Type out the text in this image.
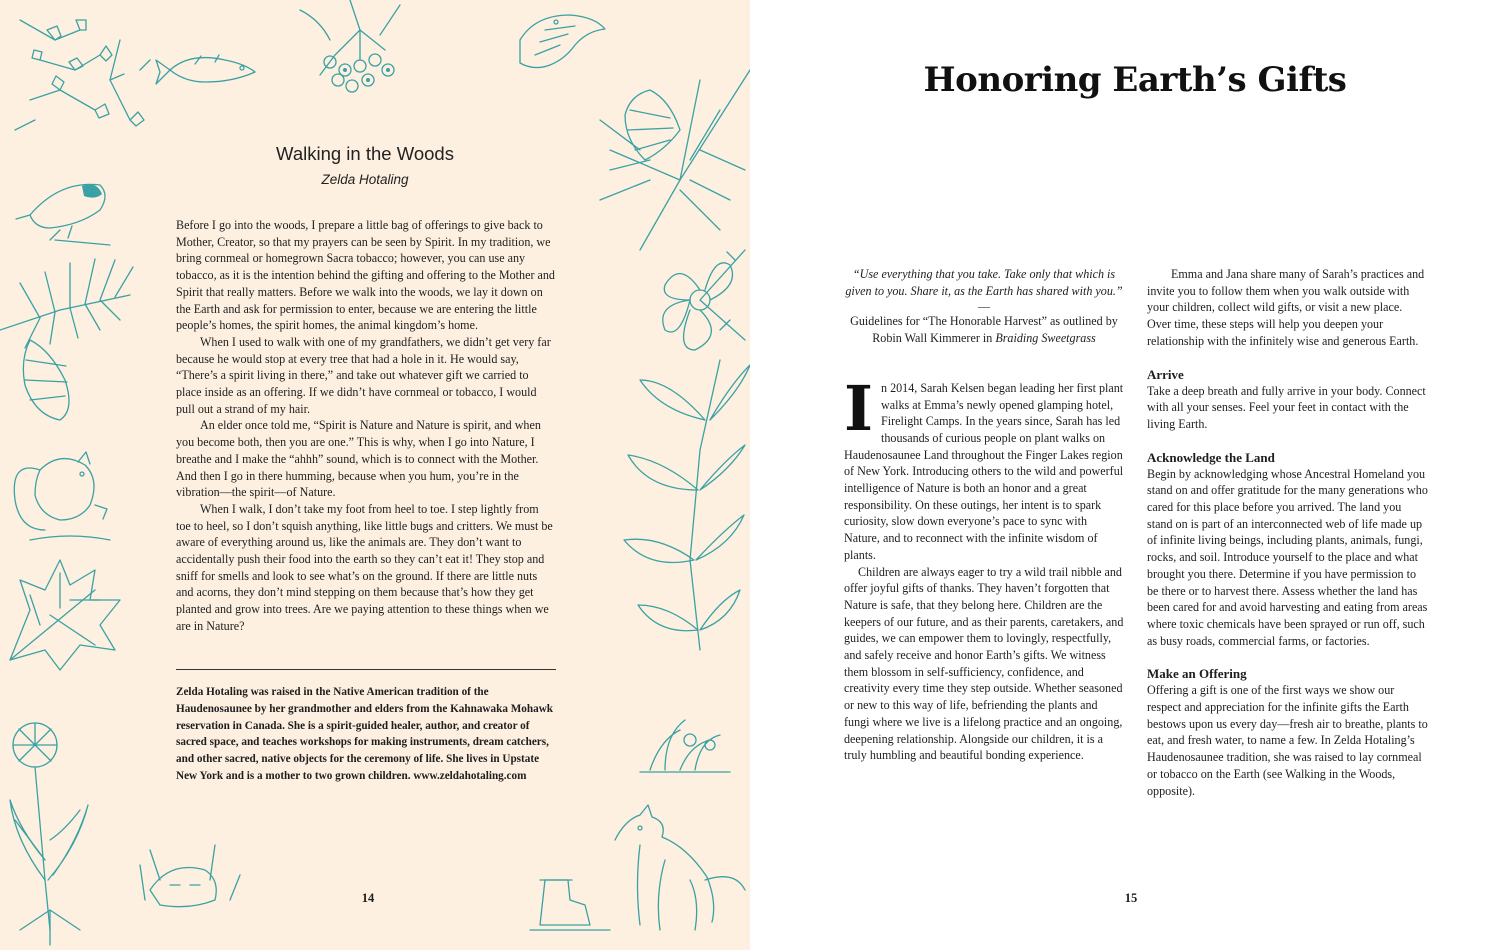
Walking in the Woods

Zelda Hotaling

Before I go into the woods, I prepare a little bag of offerings to give back to Mother, Creator, so that my prayers can be seen by Spirit. In my tradition, we bring cornmeal or homegrown Sacra tobacco; however, you can use any tobacco, as it is the intention behind the gifting and offering to the Mother and Spirit that really matters. Before we walk into the woods, we lay it down on the Earth and ask for permission to enter, because we are entering the little people’s homes, the spirit homes, the animal kingdom’s home.

When I used to walk with one of my grandfathers, we didn’t get very far because he would stop at every tree that had a hole in it. He would say, “There’s a spirit living in there,” and take out whatever gift we carried to place inside as an offering. If we didn’t have cornmeal or tobacco, I would pull out a strand of my hair.

An elder once told me, “Spirit is Nature and Nature is spirit, and when you become both, then you are one.” This is why, when I go into Nature, I breathe and I make the “ahhh” sound, which is to connect with the Mother. And then I go in there humming, because when you hum, you’re in the vibration—the spirit—of Nature.

When I walk, I don’t take my foot from heel to toe. I step lightly from toe to heel, so I don’t squish anything, like little bugs and critters. We must be aware of everything around us, like the animals are. They don’t want to accidentally push their food into the earth so they can’t eat it! They stop and sniff for smells and look to see what’s on the ground. If there are little nuts and acorns, they don’t mind stepping on them because that’s how they get planted and grow into trees. Are we paying attention to these things when we are in Nature?

Zelda Hotaling was raised in the Native American tradition of the Haudenosaunee by her grandmother and elders from the Kahnawaka Mohawk reservation in Canada. She is a spirit-guided healer, author, and creator of sacred space, and teaches workshops for making instruments, dream catchers, and other sacred, native objects for the ceremony of life. She lives in Upstate New York and is a mother to two grown children. www.zeldahotaling.com

14

Honoring Earth’s Gifts

“Use everything that you take. Take only that which is given to you. Share it, as the Earth has shared with you.”

—

Guidelines for “The Honorable Harvest” as outlined by Robin Wall Kimmerer in Braiding Sweetgrass

In 2014, Sarah Kelsen began leading her first plant walks at Emma’s newly opened glamping hotel, Firelight Camps. In the years since, Sarah has led thousands of curious people on plant walks on Haudenosaunee Land throughout the Finger Lakes region of New York. Introducing others to the wild and powerful intelligence of Nature is both an honor and a great responsibility. On these outings, her intent is to spark curiosity, slow down everyone’s pace to sync with Nature, and to reconnect with the infinite wisdom of plants.

Children are always eager to try a wild trail nibble and offer joyful gifts of thanks. They haven’t forgotten that Nature is safe, that they belong here. Children are the keepers of our future, and as their parents, caretakers, and guides, we can empower them to lovingly, respectfully, and safely receive and honor Earth’s gifts. We witness them blossom in self-sufficiency, confidence, and creativity every time they step outside. Whether seasoned or new to this way of life, befriending the plants and fungi where we live is a lifelong practice and an ongoing, deepening relationship. Alongside our children, it is a truly humbling and beautiful bonding experience.

Emma and Jana share many of Sarah’s practices and invite you to follow them when you walk outside with your children, collect wild gifts, or visit a new place. Over time, these steps will help you deepen your relationship with the infinitely wise and generous Earth.

Arrive

Take a deep breath and fully arrive in your body. Connect with all your senses. Feel your feet in contact with the living Earth.

Acknowledge the Land

Begin by acknowledging whose Ancestral Homeland you stand on and offer gratitude for the many generations who cared for this place before you arrived. The land you stand on is part of an interconnected web of life made up of infinite living beings, including plants, animals, fungi, rocks, and soil. Introduce yourself to the place and what brought you there. Determine if you have permission to be there or to harvest there. Assess whether the land has been cared for and avoid harvesting and eating from areas where toxic chemicals have been sprayed or run off, such as busy roads, commercial farms, or factories.

Make an Offering

Offering a gift is one of the first ways we show our respect and appreciation for the infinite gifts the Earth bestows upon us every day—fresh air to breathe, plants to eat, and fresh water, to name a few. In Zelda Hotaling’s Haudenosaunee tradition, she was raised to lay cornmeal or tobacco on the Earth (see Walking in the Woods, opposite).

15
